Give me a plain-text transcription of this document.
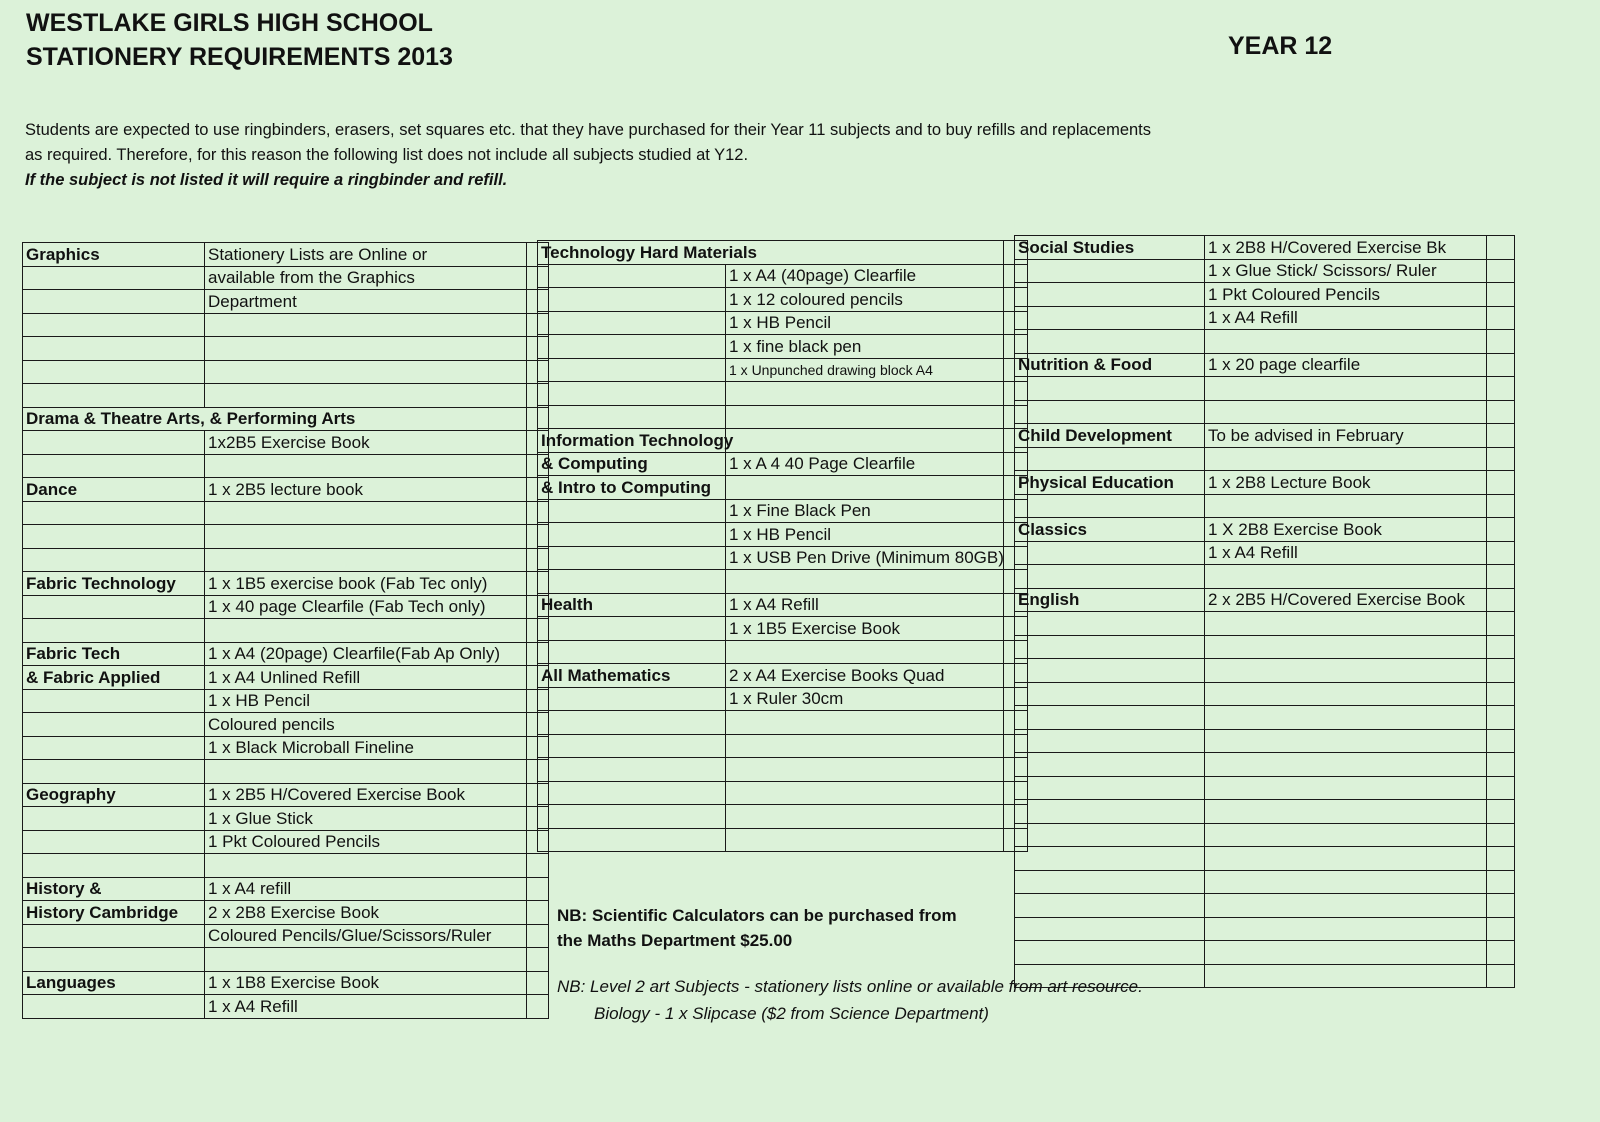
WESTLAKE GIRLS HIGH SCHOOL
STATIONERY REQUIREMENTS 2013	YEAR 12
Students are expected to use ringbinders, erasers, set squares etc. that they have purchased for their Year 11 subjects and to buy refills and replacements
as required. Therefore, for this reason the following list does not include all subjects studied at Y12.
If the subject is not listed it will require a ringbinder and refill.
Graphics	Stationery Lists are Online or	
	available from the Graphics	
	Department	

Drama & Theatre Arts, & Performing Arts		
	1x2B5 Exercise Book	

Dance	1 x 2B5 lecture book	

Fabric Technology	1 x 1B5 exercise book (Fab Tec only)	
	1 x 40 page Clearfile (Fab Tech only)	

Fabric Tech	1 x A4 (20page) Clearfile(Fab Ap Only)	
& Fabric Applied	1 x A4 Unlined Refill	
	1 x HB Pencil	
	Coloured pencils	
	1 x Black Microball Fineline	

Geography	1 x 2B5 H/Covered Exercise Book	
	1 x Glue Stick	
	1 Pkt Coloured Pencils	

History &	1 x A4 refill	
History Cambridge	2 x 2B8 Exercise Book	
	Coloured Pencils/Glue/Scissors/Ruler	

Languages	1 x 1B8 Exercise Book	
	1 x A4 Refill	
Technology Hard Materials		
	1 x A4 (40page) Clearfile	
	1 x 12 coloured pencils	
	1 x HB Pencil	
	1 x fine black pen	
	1 x Unpunched drawing block A4	

Information Technology		
& Computing	1 x A 4 40 Page Clearfile	
& Intro to Computing		
	1 x Fine Black Pen	
	1 x HB Pencil	
	1 x USB Pen Drive (Minimum 80GB)	

Health	1 x A4 Refill	
	1 x 1B5 Exercise Book	

All Mathematics	2 x A4 Exercise Books Quad	
	1 x Ruler 30cm	

Social Studies	1 x 2B8 H/Covered Exercise Bk	
	1 x Glue Stick/ Scissors/ Ruler	
	1 Pkt Coloured Pencils	
	1 x A4 Refill	

Nutrition & Food	1 x 20 page clearfile	

Child Development	To be advised in February	

Physical Education	1 x 2B8 Lecture Book	

Classics	1 X 2B8 Exercise Book	
	1 x A4 Refill	

English	2 x 2B5 H/Covered Exercise Book	

NB: Scientific Calculators can be purchased from
the Maths Department $25.00
NB: Level 2 art Subjects - stationery lists online or available from art resource.
Biology - 1 x Slipcase ($2 from Science Department)
